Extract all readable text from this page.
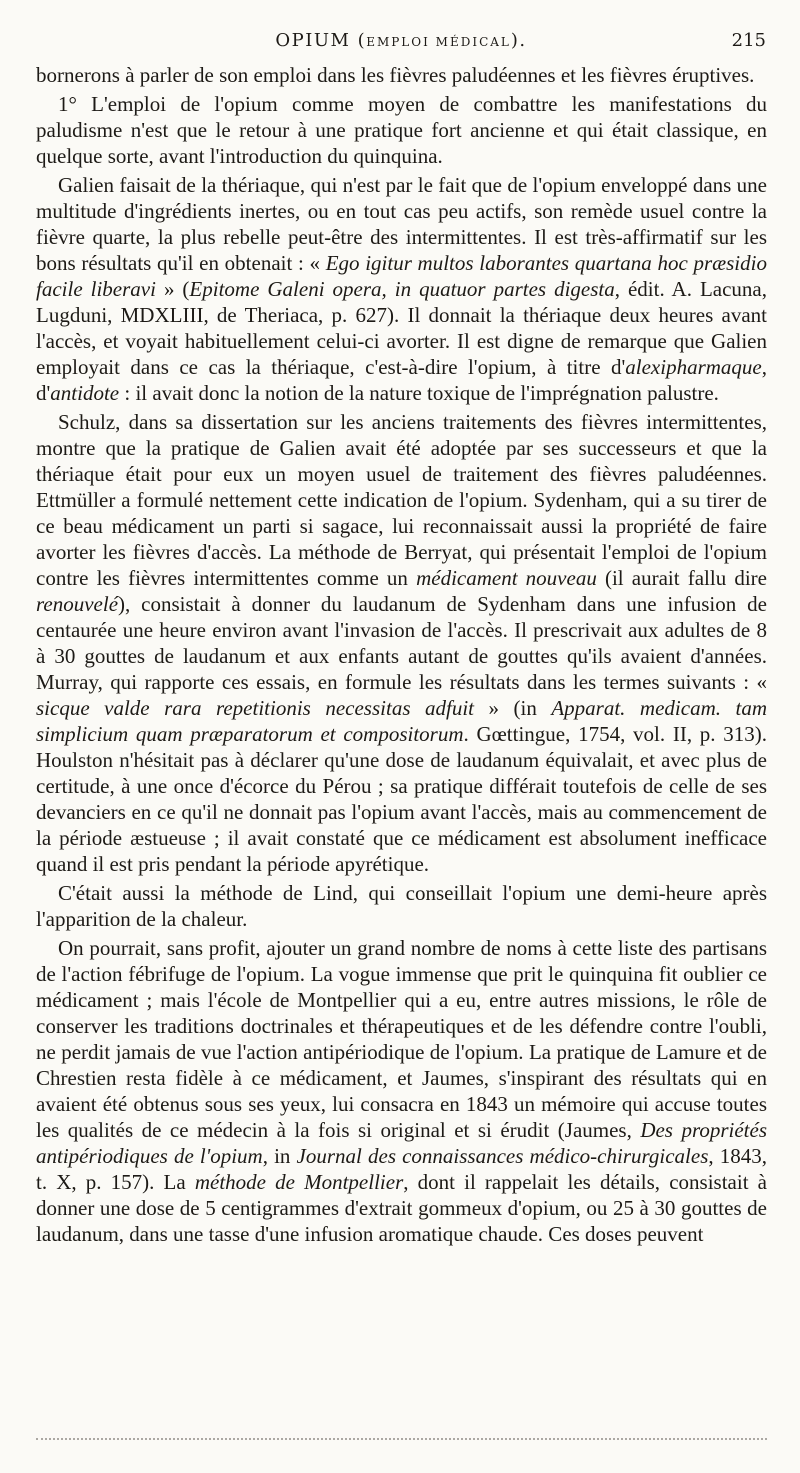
OPIUM (EMPLOI MÉDICAL).	215

bornerons à parler de son emploi dans les fièvres paludéennes et les fièvres éruptives.

1° L'emploi de l'opium comme moyen de combattre les manifestations du paludisme n'est que le retour à une pratique fort ancienne et qui était classique, en quelque sorte, avant l'introduction du quinquina.

Galien faisait de la thériaque, qui n'est par le fait que de l'opium enveloppé dans une multitude d'ingrédients inertes, ou en tout cas peu actifs, son remède usuel contre la fièvre quarte, la plus rebelle peut-être des intermittentes. Il est très-affirmatif sur les bons résultats qu'il en obtenait : « Ego igitur multos laborantes quartana hoc præsidio facile liberavi » (Epitome Galeni opera, in quatuor partes digesta, édit. A. Lacuna, Lugduni, MDXLIII, de Theriaca, p. 627). Il donnait la thériaque deux heures avant l'accès, et voyait habituellement celui-ci avorter. Il est digne de remarque que Galien employait dans ce cas la thériaque, c'est-à-dire l'opium, à titre d'alexipharmaque, d'antidote : il avait donc la notion de la nature toxique de l'imprégnation palustre.

Schulz, dans sa dissertation sur les anciens traitements des fièvres intermittentes, montre que la pratique de Galien avait été adoptée par ses successeurs et que la thériaque était pour eux un moyen usuel de traitement des fièvres paludéennes. Ettmüller a formulé nettement cette indication de l'opium. Sydenham, qui a su tirer de ce beau médicament un parti si sagace, lui reconnaissait aussi la propriété de faire avorter les fièvres d'accès. La méthode de Berryat, qui présentait l'emploi de l'opium contre les fièvres intermittentes comme un médicament nouveau (il aurait fallu dire renouvelé), consistait à donner du laudanum de Sydenham dans une infusion de centaurée une heure environ avant l'invasion de l'accès. Il prescrivait aux adultes de 8 à 30 gouttes de laudanum et aux enfants autant de gouttes qu'ils avaient d'années. Murray, qui rapporte ces essais, en formule les résultats dans les termes suivants : « sicque valde rara repetitionis necessitas adfuit » (in Apparat. medicam. tam simplicium quam præparatorum et compositorum. Gœttingue, 1754, vol. II, p. 313). Houlston n'hésitait pas à déclarer qu'une dose de laudanum équivalait, et avec plus de certitude, à une once d'écorce du Pérou ; sa pratique différait toutefois de celle de ses devanciers en ce qu'il ne donnait pas l'opium avant l'accès, mais au commencement de la période æstueuse ; il avait constaté que ce médicament est absolument inefficace quand il est pris pendant la période apyrétique.

C'était aussi la méthode de Lind, qui conseillait l'opium une demi-heure après l'apparition de la chaleur.

On pourrait, sans profit, ajouter un grand nombre de noms à cette liste des partisans de l'action fébrifuge de l'opium. La vogue immense que prit le quinquina fit oublier ce médicament ; mais l'école de Montpellier qui a eu, entre autres missions, le rôle de conserver les traditions doctrinales et thérapeutiques et de les défendre contre l'oubli, ne perdit jamais de vue l'action antipériodique de l'opium. La pratique de Lamure et de Chrestien resta fidèle à ce médicament, et Jaumes, s'inspirant des résultats qui en avaient été obtenus sous ses yeux, lui consacra en 1843 un mémoire qui accuse toutes les qualités de ce médecin à la fois si original et si érudit (Jaumes, Des propriétés antipériodiques de l'opium, in Journal des connaissances médico-chirurgicales, 1843, t. X, p. 157). La méthode de Montpellier, dont il rappelait les détails, consistait à donner une dose de 5 centigrammes d'extrait gommeux d'opium, ou 25 à 30 gouttes de laudanum, dans une tasse d'une infusion aromatique chaude. Ces doses peuvent
